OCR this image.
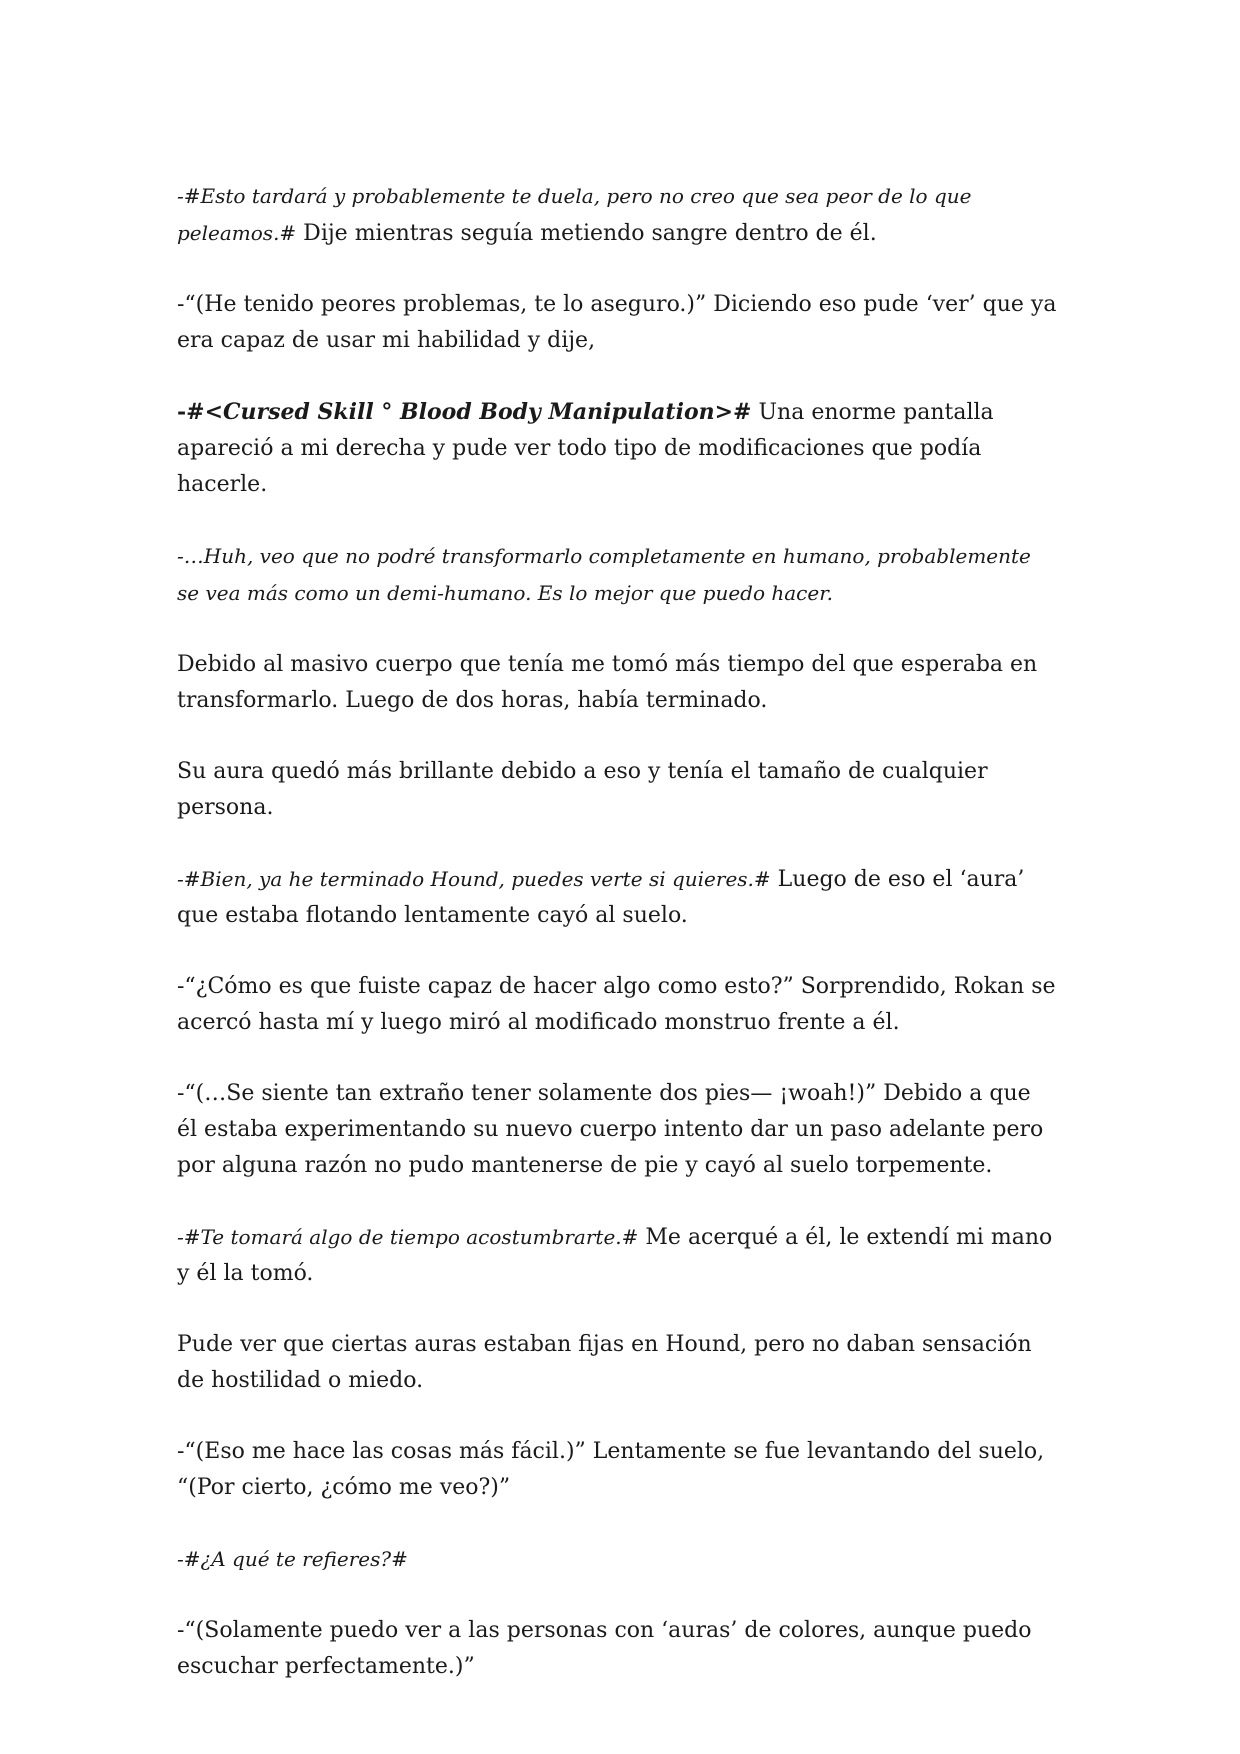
-#Esto tardará y probablemente te duela, pero no creo que sea peor de lo que peleamos.# Dije mientras seguía metiendo sangre dentro de él.

-“(He tenido peores problemas, te lo aseguro.)” Diciendo eso pude ‘ver’ que ya era capaz de usar mi habilidad y dije,

-#<Cursed Skill ° Blood Body Manipulation># Una enorme pantalla apareció a mi derecha y pude ver todo tipo de modificaciones que podía hacerle.

-…Huh, veo que no podré transformarlo completamente en humano, probablemente se vea más como un demi-humano. Es lo mejor que puedo hacer.

Debido al masivo cuerpo que tenía me tomó más tiempo del que esperaba en transformarlo. Luego de dos horas, había terminado.

Su aura quedó más brillante debido a eso y tenía el tamaño de cualquier persona.

-#Bien, ya he terminado Hound, puedes verte si quieres.# Luego de eso el ‘aura’ que estaba flotando lentamente cayó al suelo.

-“¿Cómo es que fuiste capaz de hacer algo como esto?” Sorprendido, Rokan se acercó hasta mí y luego miró al modificado monstruo frente a él.

-“(…Se siente tan extraño tener solamente dos pies— ¡woah!)” Debido a que él estaba experimentando su nuevo cuerpo intento dar un paso adelante pero por alguna razón no pudo mantenerse de pie y cayó al suelo torpemente.

-#Te tomará algo de tiempo acostumbrarte.# Me acerqué a él, le extendí mi mano y él la tomó.

Pude ver que ciertas auras estaban fijas en Hound, pero no daban sensación de hostilidad o miedo.

-“(Eso me hace las cosas más fácil.)” Lentamente se fue levantando del suelo, “(Por cierto, ¿cómo me veo?)”

-#¿A qué te refieres?#

-“(Solamente puedo ver a las personas con ‘auras’ de colores, aunque puedo escuchar perfectamente.)”
